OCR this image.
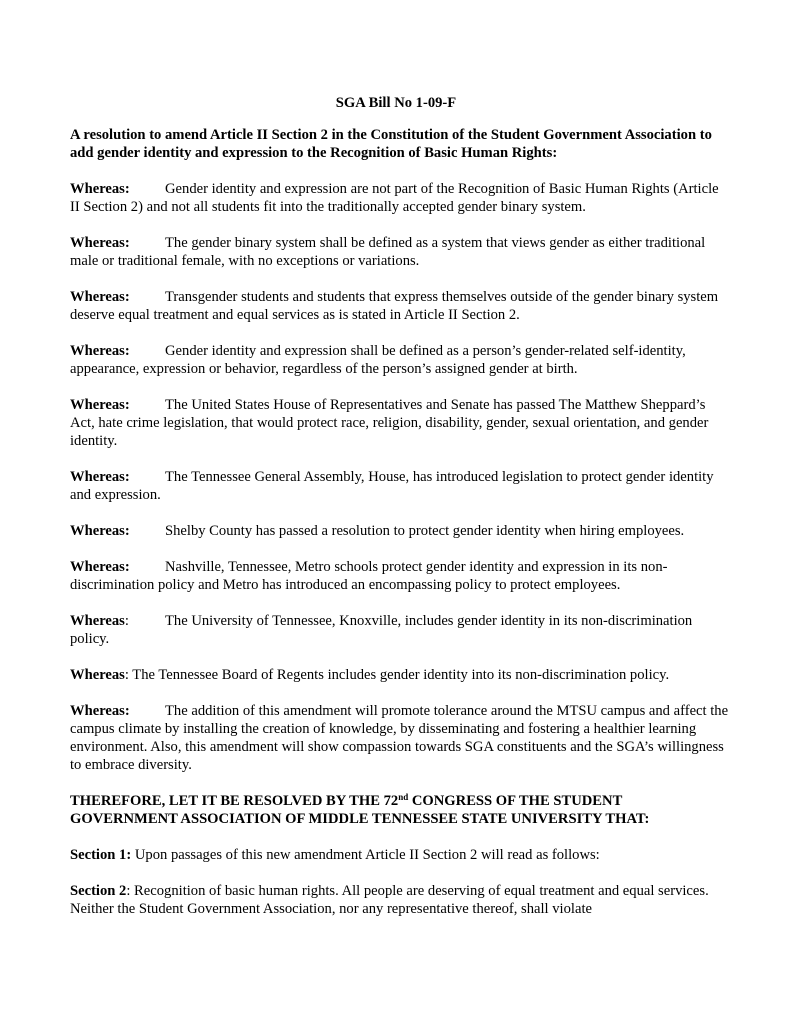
SGA Bill No 1-09-F
A resolution to amend Article II Section 2 in the Constitution of the Student Government Association to add gender identity and expression to the Recognition of Basic Human Rights:
Whereas: Gender identity and expression are not part of the Recognition of Basic Human Rights (Article II Section 2) and not all students fit into the traditionally accepted gender binary system.
Whereas: The gender binary system shall be defined as a system that views gender as either traditional male or traditional female, with no exceptions or variations.
Whereas: Transgender students and students that express themselves outside of the gender binary system deserve equal treatment and equal services as is stated in Article II Section 2.
Whereas: Gender identity and expression shall be defined as a person’s gender-related self-identity, appearance, expression or behavior, regardless of the person’s assigned gender at birth.
Whereas: The United States House of Representatives and Senate has passed The Matthew Sheppard’s Act, hate crime legislation, that would protect race, religion, disability, gender, sexual orientation, and gender identity.
Whereas: The Tennessee General Assembly, House, has introduced legislation to protect gender identity and expression.
Whereas: Shelby County has passed a resolution to protect gender identity when hiring employees.
Whereas: Nashville, Tennessee, Metro schools protect gender identity and expression in its non-discrimination policy and Metro has introduced an encompassing policy to protect employees.
Whereas: The University of Tennessee, Knoxville, includes gender identity in its non-discrimination policy.
Whereas: The Tennessee Board of Regents includes gender identity into its non-discrimination policy.
Whereas: The addition of this amendment will promote tolerance around the MTSU campus and affect the campus climate by installing the creation of knowledge, by disseminating and fostering a healthier learning environment. Also, this amendment will show compassion towards SGA constituents and the SGA’s willingness to embrace diversity.
THEREFORE, LET IT BE RESOLVED BY THE 72nd CONGRESS OF THE STUDENT GOVERNMENT ASSOCIATION OF MIDDLE TENNESSEE STATE UNIVERSITY THAT:
Section 1: Upon passages of this new amendment Article II Section 2 will read as follows:
Section 2: Recognition of basic human rights. All people are deserving of equal treatment and equal services. Neither the Student Government Association, nor any representative thereof, shall violate
